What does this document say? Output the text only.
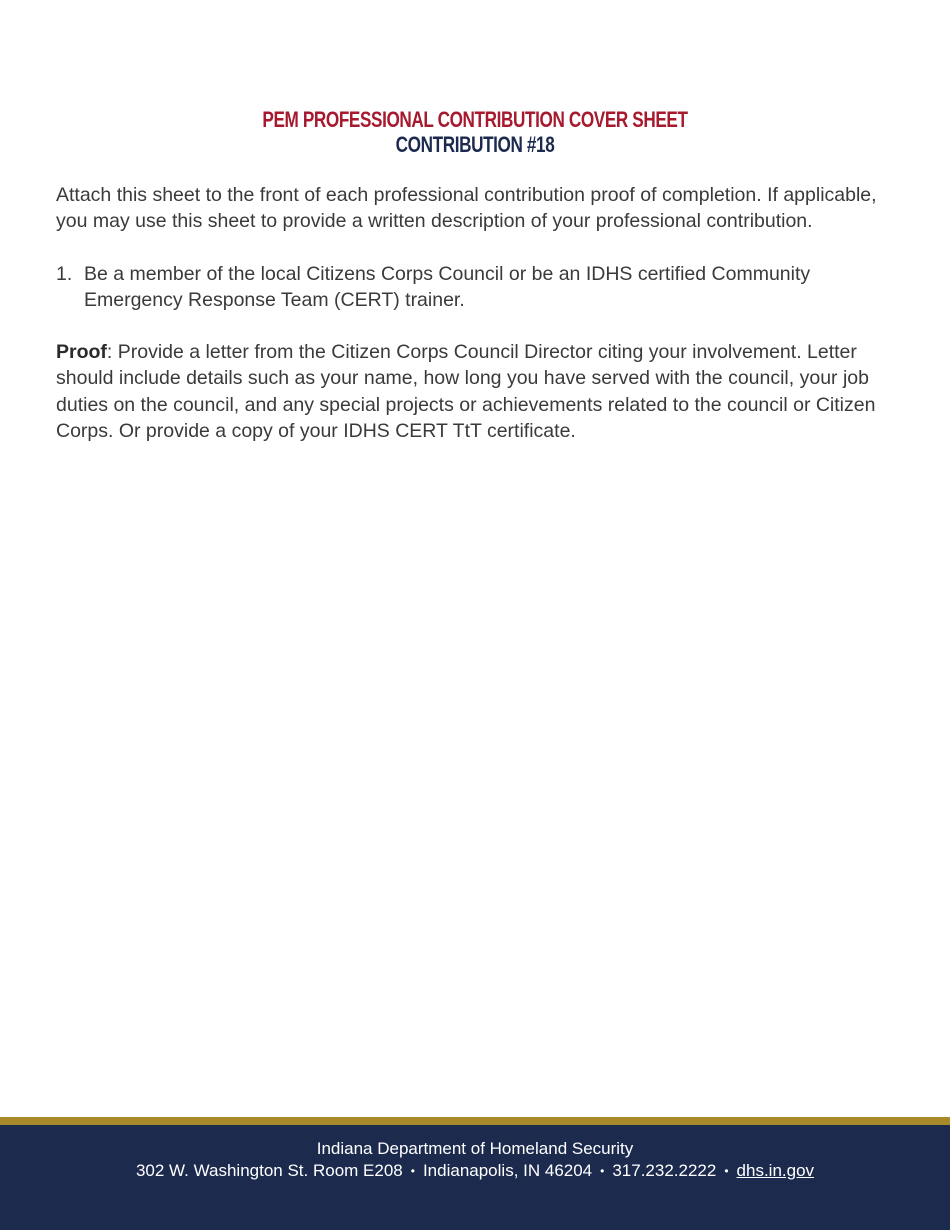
PEM PROFESSIONAL CONTRIBUTION COVER SHEET
CONTRIBUTION #18

Attach this sheet to the front of each professional contribution proof of completion. If applicable, you may use this sheet to provide a written description of your professional contribution.

1. Be a member of the local Citizens Corps Council or be an IDHS certified Community Emergency Response Team (CERT) trainer.

Proof: Provide a letter from the Citizen Corps Council Director citing your involvement. Letter should include details such as your name, how long you have served with the council, your job duties on the council, and any special projects or achievements related to the council or Citizen Corps. Or provide a copy of your IDHS CERT TtT certificate.

Indiana Department of Homeland Security
302 W. Washington St. Room E208 • Indianapolis, IN 46204 • 317.232.2222 • dhs.in.gov
